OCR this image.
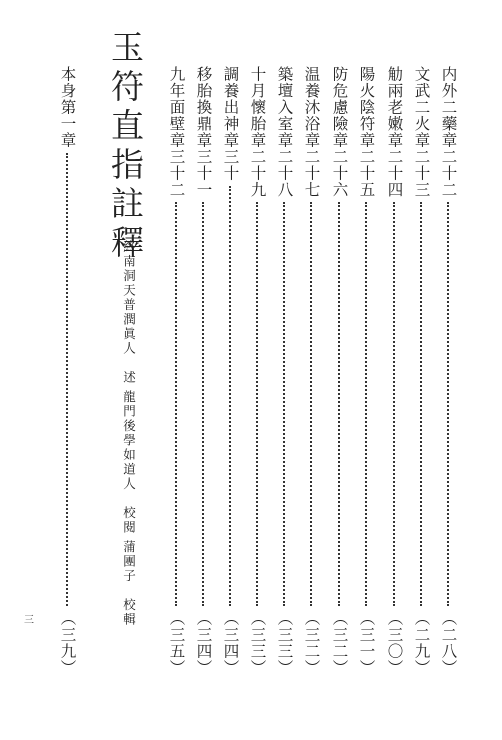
内外二藥章二十二
（二八）
文武二火章二十三
（二九）
觔兩老嫩章二十四
（三〇）
陽火陰符章二十五
（三一）
防危慮險章二十六
（三二）
温養沐浴章二十七
（三二）
築壇入室章二十八
（三三）
十月懷胎章二十九
（三三）
調養出神章三十
（三四）
移胎換鼎章三十一
（三四）
九年面壁章三十二
（三五）
本身第一章
（三九）
玉符直指註釋
終南洞天普潤眞人　述
龍門後學如道人　校閱
蒲團子　校輯
三
